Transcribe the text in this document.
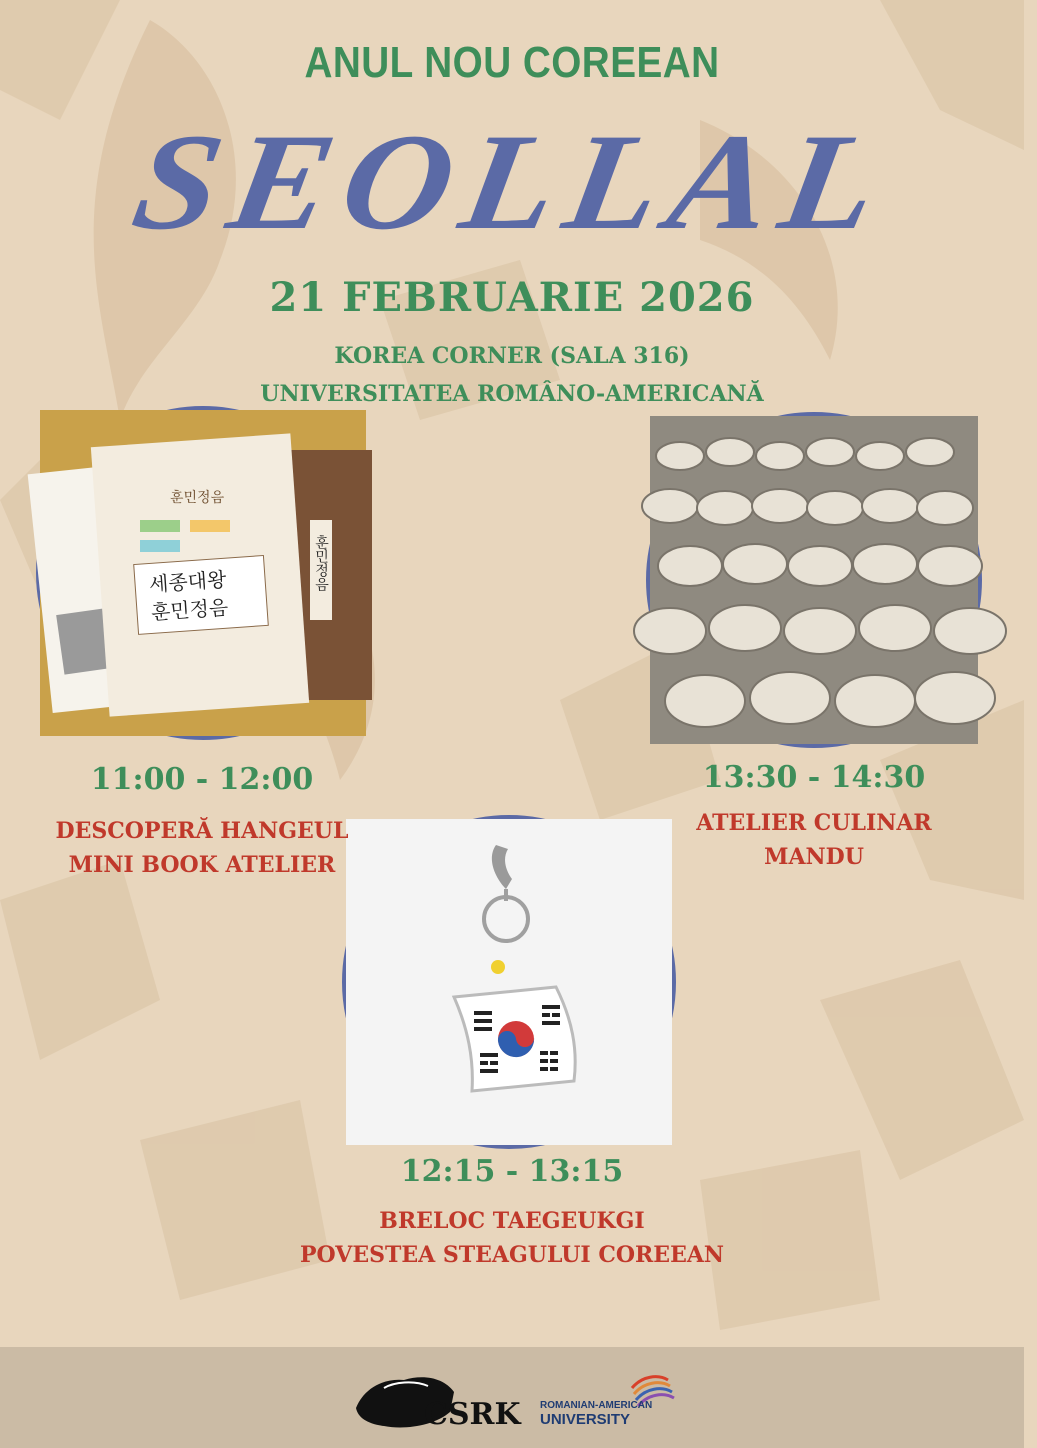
ANUL NOU COREEAN
SEOLLAL
21 FEBRUARIE 2026
KOREA CORNER (SALA 316)
UNIVERSITATEA ROMÂNO-AMERICANĂ
훈민정음
세종대왕
훈민정음
훈민정음
11:00 - 12:00
DESCOPERĂ HANGEUL
MINI BOOK ATELIER
13:30 - 14:30
ATELIER CULINAR
MANDU
12:15 - 13:15
BRELOC TAEGEUKGI
POVESTEA STEAGULUI COREEAN
CSRK ROMANIAN-AMERICAN
UNIVERSITY
